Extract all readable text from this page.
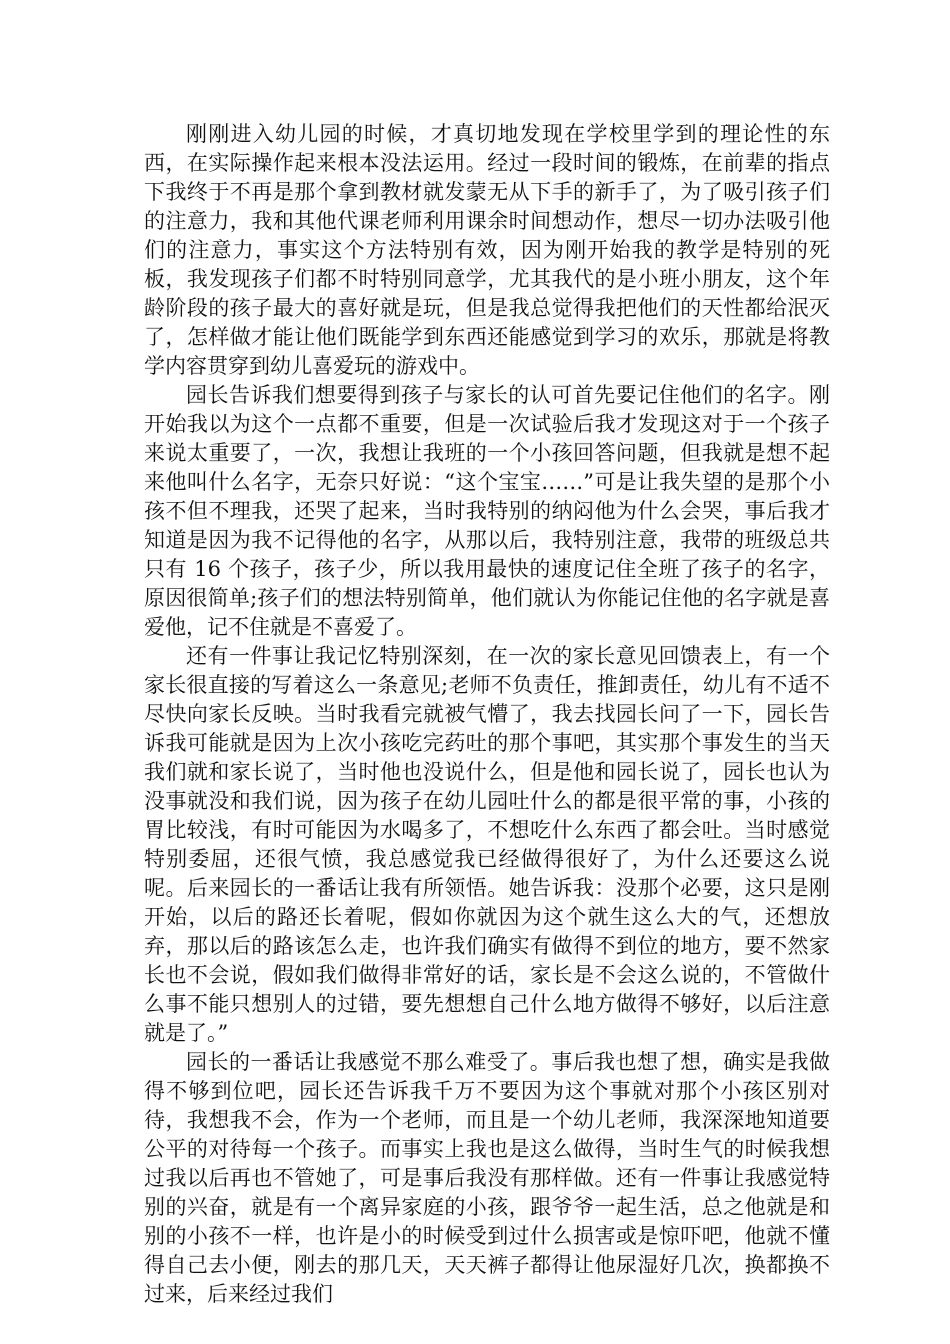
刚刚进入幼儿园的时候，才真切地发现在学校里学到的理论性的东西，在实际操作起来根本没法运用。经过一段时间的锻炼，在前辈的指点下我终于不再是那个拿到教材就发蒙无从下手的新手了，为了吸引孩子们的注意力，我和其他代课老师利用课余时间想动作，想尽一切办法吸引他们的注意力，事实这个方法特别有效，因为刚开始我的教学是特别的死板，我发现孩子们都不时特别同意学，尤其我代的是小班小朋友，这个年龄阶段的孩子最大的喜好就是玩，但是我总觉得我把他们的天性都给泯灭了，怎样做才能让他们既能学到东西还能感觉到学习的欢乐，那就是将教学内容贯穿到幼儿喜爱玩的游戏中。

园长告诉我们想要得到孩子与家长的认可首先要记住他们的名字。刚开始我以为这个一点都不重要，但是一次试验后我才发现这对于一个孩子来说太重要了，一次，我想让我班的一个小孩回答问题，但我就是想不起来他叫什么名字，无奈只好说：“这个宝宝……”可是让我失望的是那个小孩不但不理我，还哭了起来，当时我特别的纳闷他为什么会哭，事后我才知道是因为我不记得他的名字，从那以后，我特别注意，我带的班级总共只有 16 个孩子，孩子少，所以我用最快的速度记住全班了孩子的名字，原因很简单;孩子们的想法特别简单，他们就认为你能记住他的名字就是喜爱他，记不住就是不喜爱了。

还有一件事让我记忆特别深刻，在一次的家长意见回馈表上，有一个家长很直接的写着这么一条意见;老师不负责任，推卸责任，幼儿有不适不尽快向家长反映。当时我看完就被气懵了，我去找园长问了一下，园长告诉我可能就是因为上次小孩吃完药吐的那个事吧，其实那个事发生的当天我们就和家长说了，当时他也没说什么，但是他和园长说了，园长也认为没事就没和我们说，因为孩子在幼儿园吐什么的都是很平常的事，小孩的胃比较浅，有时可能因为水喝多了，不想吃什么东西了都会吐。当时感觉特别委屈，还很气愤，我总感觉我已经做得很好了，为什么还要这么说呢。后来园长的一番话让我有所领悟。她告诉我：没那个必要，这只是刚开始，以后的路还长着呢，假如你就因为这个就生这么大的气，还想放弃，那以后的路该怎么走，也许我们确实有做得不到位的地方，要不然家长也不会说，假如我们做得非常好的话，家长是不会这么说的，不管做什么事不能只想别人的过错，要先想想自己什么地方做得不够好，以后注意就是了。”

园长的一番话让我感觉不那么难受了。事后我也想了想，确实是我做得不够到位吧，园长还告诉我千万不要因为这个事就对那个小孩区别对待，我想我不会，作为一个老师，而且是一个幼儿老师，我深深地知道要公平的对待每一个孩子。而事实上我也是这么做得，当时生气的时候我想过我以后再也不管她了，可是事后我没有那样做。还有一件事让我感觉特别的兴奋，就是有一个离异家庭的小孩，跟爷爷一起生活，总之他就是和别的小孩不一样，也许是小的时候受到过什么损害或是惊吓吧，他就不懂得自己去小便，刚去的那几天，天天裤子都得让他尿湿好几次，换都换不过来，后来经过我们
